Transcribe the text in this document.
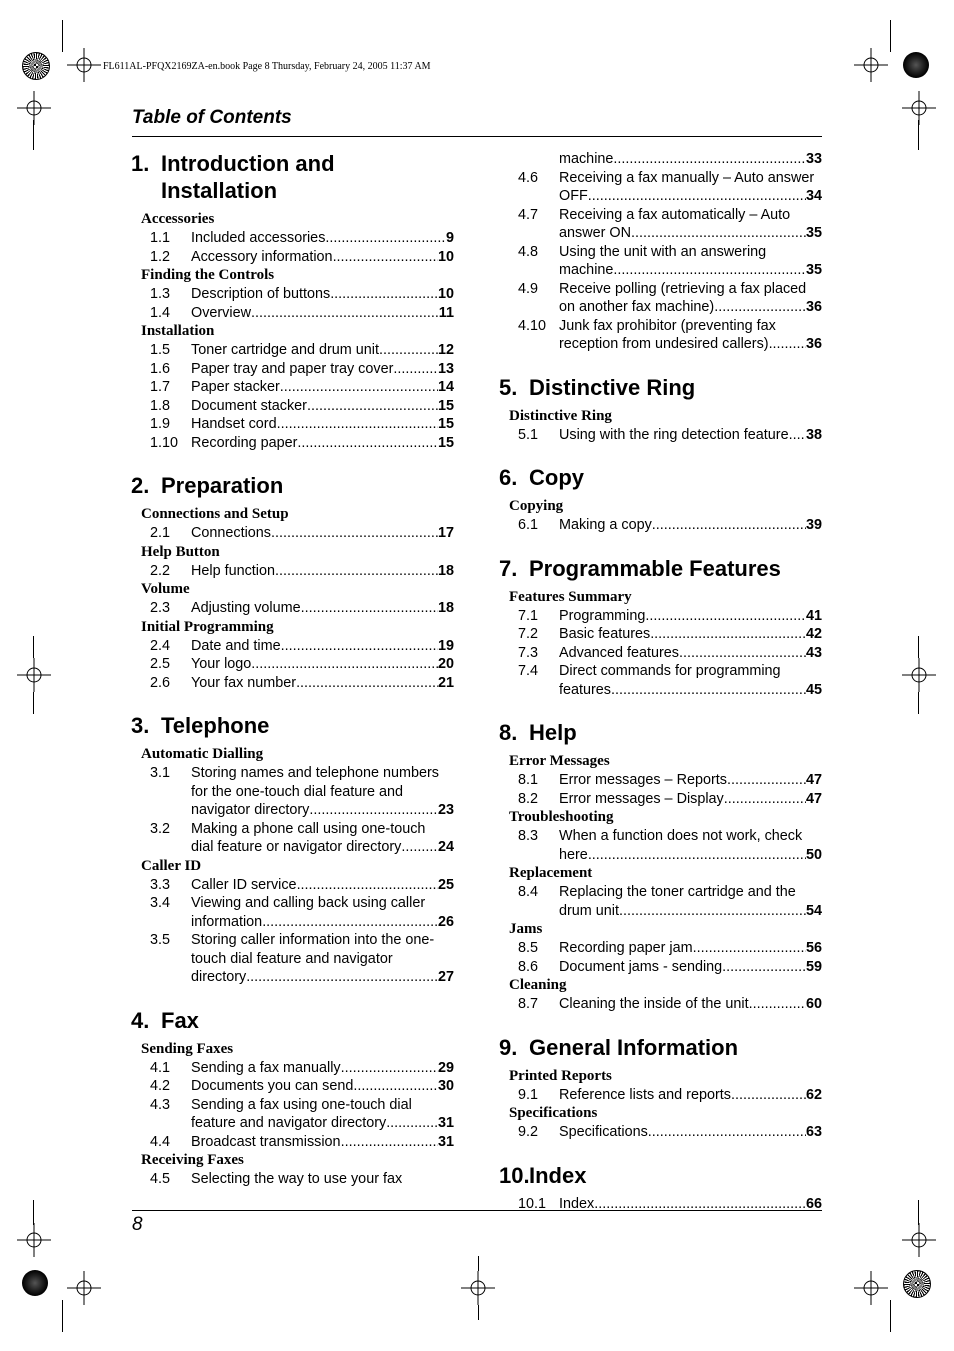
FL611AL-PFQX2169ZA-en.book Page 8 Thursday, February 24, 2005 11:37 AM
Table of Contents
8
1. Introduction and Installation
Accessories
1.1 Included accessories .....	9
1.2 Accessory information .....	10
Finding the Controls
1.3 Description of buttons .....	10
1.4 Overview .....	11
Installation
1.5 Toner cartridge and drum unit .....	12
1.6 Paper tray and paper tray cover .....	13
1.7 Paper stacker .....	14
1.8 Document stacker .....	15
1.9 Handset cord .....	15
1.10 Recording paper .....	15
2. Preparation
Connections and Setup
2.1 Connections .....	17
Help Button
2.2 Help function .....	18
Volume
2.3 Adjusting volume .....	18
Initial Programming
2.4 Date and time .....	19
2.5 Your logo .....	20
2.6 Your fax number .....	21
3. Telephone
Automatic Dialling
3.1 Storing names and telephone numbers
for the one-touch dial feature and
navigator directory .....	23
3.2 Making a phone call using one-touch
dial feature or navigator directory .....	24
Caller ID
3.3 Caller ID service .....	25
3.4 Viewing and calling back using caller
information .....	26
3.5 Storing caller information into the one-
touch dial feature and navigator
directory .....	27
4. Fax
Sending Faxes
4.1 Sending a fax manually .....	29
4.2 Documents you can send .....	30
4.3 Sending a fax using one-touch dial
feature and navigator directory .....	31
4.4 Broadcast transmission .....	31
Receiving Faxes
4.5 Selecting the way to use your fax
machine .....	33
4.6 Receiving a fax manually – Auto answer
OFF .....	34
4.7 Receiving a fax automatically – Auto
answer ON .....	35
4.8 Using the unit with an answering
machine .....	35
4.9 Receive polling (retrieving a fax placed
on another fax machine) .....	36
4.10 Junk fax prohibitor (preventing fax
reception from undesired callers) .....	36
5. Distinctive Ring
Distinctive Ring
5.1 Using with the ring detection feature ..... 38
6. Copy
Copying
6.1 Making a copy .....	39
7. Programmable Features
Features Summary
7.1 Programming .....	41
7.2 Basic features .....	42
7.3 Advanced features .....	43
7.4 Direct commands for programming
features .....	45
8. Help
Error Messages
8.1 Error messages – Reports .....	47
8.2 Error messages – Display .....	47
Troubleshooting
8.3 When a function does not work, check
here .....	50
Replacement
8.4 Replacing the toner cartridge and the
drum unit .....	54
Jams
8.5 Recording paper jam .....	56
8.6 Document jams - sending .....	59
Cleaning
8.7 Cleaning the inside of the unit .....	60
9. General Information
Printed Reports
9.1 Reference lists and reports .....	62
Specifications
9.2 Specifications .....	63
10. Index
10.1 Index .....	66
